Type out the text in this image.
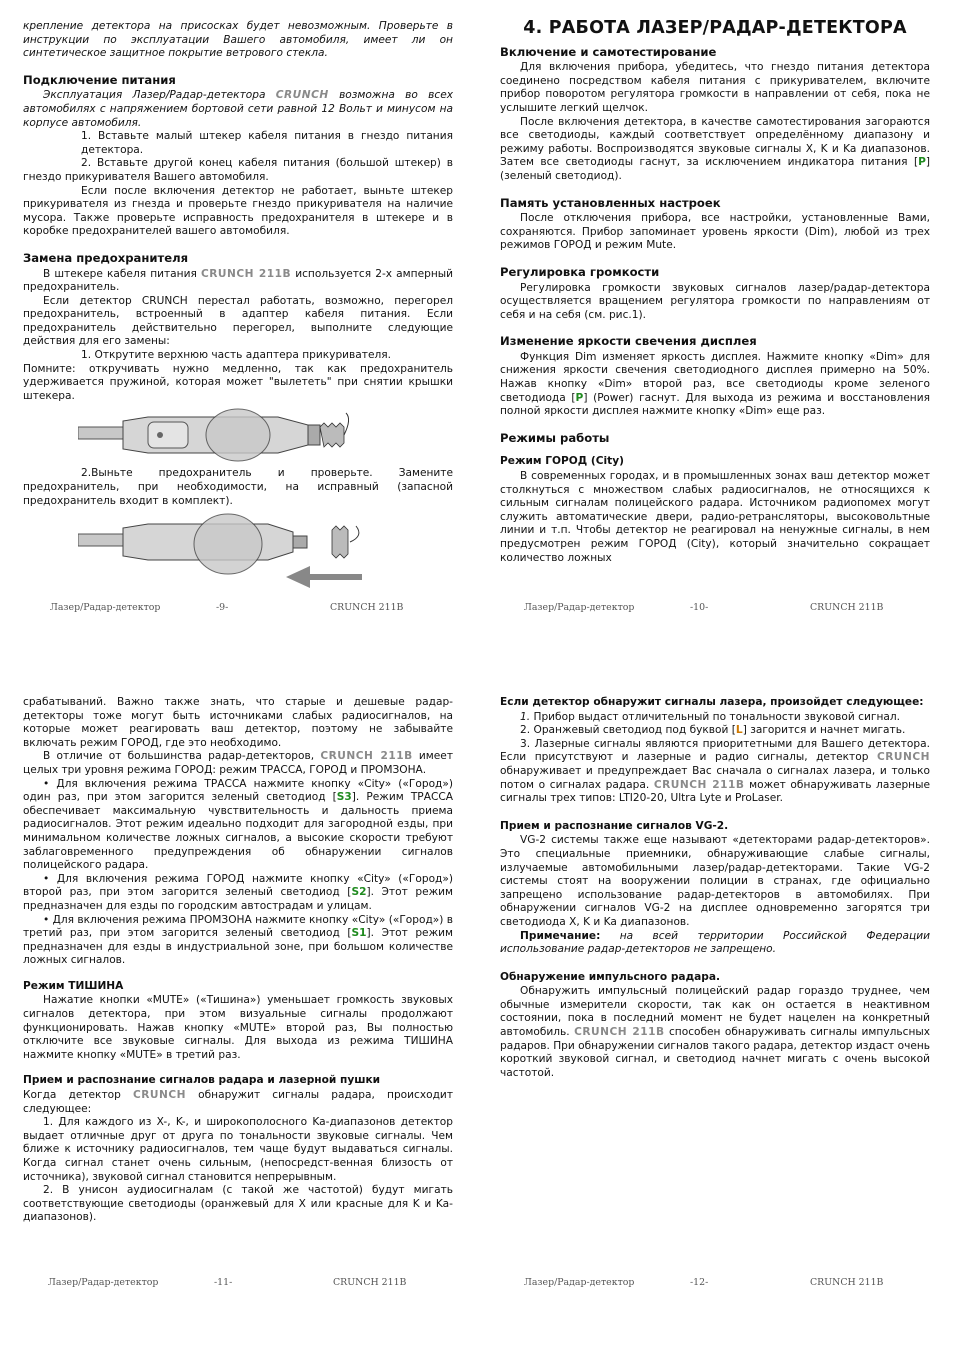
крепление детектора на присосках будет невозможным. Проверьте в инструкции по эксплуатации Вашего автомобиля, имеет ли он синтетическое защитное покрытие ветрового стекла.

Подключение питания

Эксплуатация Лазер/Радар-детектора CRUNCH возможна во всех автомобилях с напряжением бортовой сети равной 12 Вольт и минусом на корпусе автомобиля.

1. Вставьте малый штекер кабеля питания в гнездо питания детектора.

2. Вставьте другой конец кабеля питания (большой штекер) в гнездо прикуривателя Вашего автомобиля.

Если после включения детектор не работает, выньте штекер прикуривателя из гнезда и проверьте гнездо прикуривателя на наличие мусора. Также проверьте исправность предохранителя в штекере и в коробке предохранителей вашего автомобиля.

Замена предохранителя

В штекере кабеля питания CRUNCH 211B используется 2-х амперный предохранитель.

Если детектор CRUNCH перестал работать, возможно, перегорел предохранитель, встроенный в адаптер кабеля питания. Если предохранитель действительно перегорел, выполните следующие действия для его замены:

1. Открутите верхнюю часть адаптера прикуривателя.

Помните: откручивать нужно медленно, так как предохранитель удерживается пружиной, которая может "вылететь" при снятии крышки штекера.

2.Выньте предохранитель и проверьте. Замените предохранитель, при необходимости, на исправный (запасной предохранитель входит в комплект).

Лазер/Радар-детектор	-9-	CRUNCH 211B
4. РАБОТА ЛАЗЕР/РАДАР-ДЕТЕКТОРА
Включение и самотестирование

Для включения прибора, убедитесь, что гнездо питания детектора соединено посредством кабеля питания с прикуривателем, включите прибор поворотом регулятора громкости в направлении от себя, пока не услышите легкий щелчок.

После включения детектора, в качестве самотестирования загораются все светодиоды, каждый соответствует определённому диапазону и режиму работы. Воспроизводятся звуковые сигналы X, K и Ka диапазонов. Затем все светодиоды гаснут, за исключением индикатора питания [P] (зеленый светодиод).

Память установленных настроек

После отключения прибора, все настройки, установленные Вами, сохраняются. Прибор запоминает уровень яркости (Dim), любой из трех режимов ГОРОД и режим Mute.

Регулировка громкости

Регулировка громкости звуковых сигналов лазер/радар-детектора осуществляется вращением регулятора громкости по направлениям от себя и на себя (см. рис.1).

Изменение яркости свечения дисплея

Функция Dim изменяет яркость дисплея. Нажмите кнопку «Dim» для снижения яркости свечения светодиодного дисплея примерно на 50%. Нажав кнопку «Dim» второй раз, все светодиоды кроме зеленого светодиода [P] (Power) гаснут. Для выхода из режима и восстановления полной яркости дисплея нажмите кнопку «Dim» еще раз.

Режимы работы
Режим ГОРОД (City)

В современных городах, и в промышленных зонах ваш детектор может столкнуться с множеством слабых радиосигналов, не относящихся к сильным сигналам полицейского радара. Источником радиопомех могут служить автоматические двери, радио-ретрансляторы, высоковольтные линии и т.п. Чтобы детектор не реагировал на ненужные сигналы, в нем предусмотрен режим ГОРОД (City), который значительно сокращает количество ложных

Лазер/Радар-детектор	-10-	CRUNCH 211B

срабатываний. Важно также знать, что старые и дешевые радар-детекторы тоже могут быть источниками слабых радиосигналов, на которые может реагировать ваш детектор, поэтому не забывайте включать режим ГОРОД, где это необходимо.

В отличие от большинства радар-детекторов, CRUNCH 211B имеет целых три уровня режима ГОРОД: режим ТРАССА, ГОРОД и ПРОМЗОНА.

• Для включения режима ТРАССА нажмите кнопку «City» («Город») один раз, при этом загорится зеленый светодиод [S3]. Режим ТРАССА обеспечивает максимальную чувствительность и дальность приема радиосигналов. Этот режим идеально подходит для загородной езды, при минимальном количестве ложных сигналов, а высокие скорости требуют заблаговременного предупреждения об обнаружении сигналов полицейского радара.

• Для включения режима ГОРОД нажмите кнопку «City» («Город») второй раз, при этом загорится зеленый светодиод [S2]. Этот режим предназначен для езды по городским автострадам и улицам.

• Для включения режима ПРОМЗОНА нажмите кнопку «City» («Город») в третий раз, при этом загорится зеленый светодиод [S1]. Этот режим предназначен для езды в индустриальной зоне, при большом количестве ложных сигналов.

Режим ТИШИНА

Нажатие кнопки «MUTE» («Тишина») уменьшает громкость звуковых сигналов детектора, при этом визуальные сигналы продолжают функционировать. Нажав кнопку «MUTE» второй раз, Вы полностью отключите все звуковые сигналы. Для выхода из режима ТИШИНА нажмите кнопку «MUTE» в третий раз.

Прием и распознание сигналов радара и лазерной пушки

Когда детектор CRUNCH обнаружит сигналы радара, происходит следующее:

1. Для каждого из X-, K-, и широкополосного Ka-диапазонов детектор выдает отличные друг от друга по тональности звуковые сигналы. Чем ближе к источнику радиосигналов, тем чаще будут выдаваться сигналы. Когда сигнал станет очень сильным, (непосредст-венная близость от источника), звуковой сигнал становится непрерывным.

2. В унисон аудиосигналам (с такой же частотой) будут мигать соответствующие светодиоды (оранжевый для X или красные для K и Ka-диапазонов).

Лазер/Радар-детектор	-11-	CRUNCH 211B
Если детектор обнаружит сигналы лазера, произойдет следующее:

1. Прибор выдаст отличительный по тональности звуковой сигнал.

2. Оранжевый светодиод под буквой [L] загорится и начнет мигать.

3. Лазерные сигналы являются приоритетными для Вашего детектора. Если присутствуют и лазерные и радио сигналы, детектор CRUNCH обнаруживает и предупреждает Вас сначала о сигналах лазера, и только потом о сигналах радара. CRUNCH 211B может обнаруживать лазерные сигналы трех типов: LTI20-20, Ultra Lyte и ProLaser.

Прием и распознание сигналов VG-2.

VG-2 системы также еще называют «детекторами радар-детекторов». Это специальные приемники, обнаруживающие слабые сигналы, излучаемые автомобильными лазер/радар-детекторами. Такие VG-2 системы стоят на вооружении полиции в странах, где официально запрещено использование радар-детекторов в автомобилях. При обнаружении сигналов VG-2 на дисплее одновременно загорятся три светодиода X, K и Ka диапазонов.

Примечание: на всей территории Российской Федерации использование радар-детекторов не запрещено.

Обнаружение импульсного радара.

Обнаружить импульсный полицейский радар гораздо труднее, чем обычные измерители скорости, так как он остается в неактивном состоянии, пока в последний момент не будет нацелен на конкретный автомобиль. CRUNCH 211B способен обнаруживать сигналы импульсных радаров. При обнаружении сигналов такого радара, детектор издаст очень короткий звуковой сигнал, и светодиод начнет мигать с очень высокой частотой.

Лазер/Радар-детектор	-12-	CRUNCH 211B
